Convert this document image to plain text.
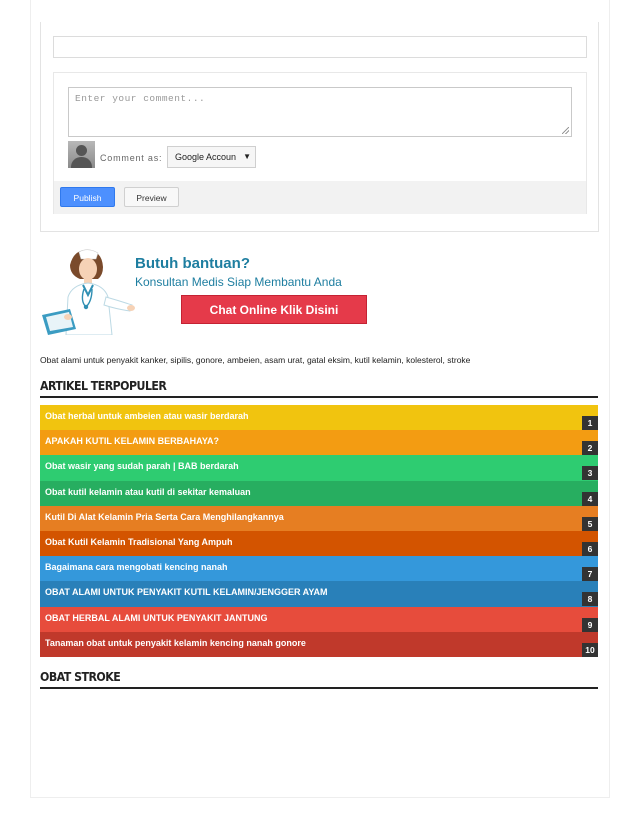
Enter your comment...
Comment as:	Google Accoun ▼
Publish	Preview
Butuh bantuan?
Konsultan Medis Siap Membantu Anda
Chat Online Klik Disini
Obat alami untuk penyakit kanker, sipilis, gonore, ambeien, asam urat, gatal eksim, kutil kelamin, kolesterol, stroke
ARTIKEL TERPOPULER
Obat herbal untuk ambeien atau wasir berdarah
1
APAKAH KUTIL KELAMIN BERBAHAYA?
2
Obat wasir yang sudah parah | BAB berdarah
3
Obat kutil kelamin atau kutil di sekitar kemaluan
4
Kutil Di Alat Kelamin Pria Serta Cara Menghilangkannya
5
Obat Kutil Kelamin Tradisional Yang Ampuh
6
Bagaimana cara mengobati kencing nanah
7
OBAT ALAMI UNTUK PENYAKIT KUTIL KELAMIN/JENGGER AYAM
8
OBAT HERBAL ALAMI UNTUK PENYAKIT JANTUNG
9
Tanaman obat untuk penyakit kelamin kencing nanah gonore
10
OBAT STROKE
